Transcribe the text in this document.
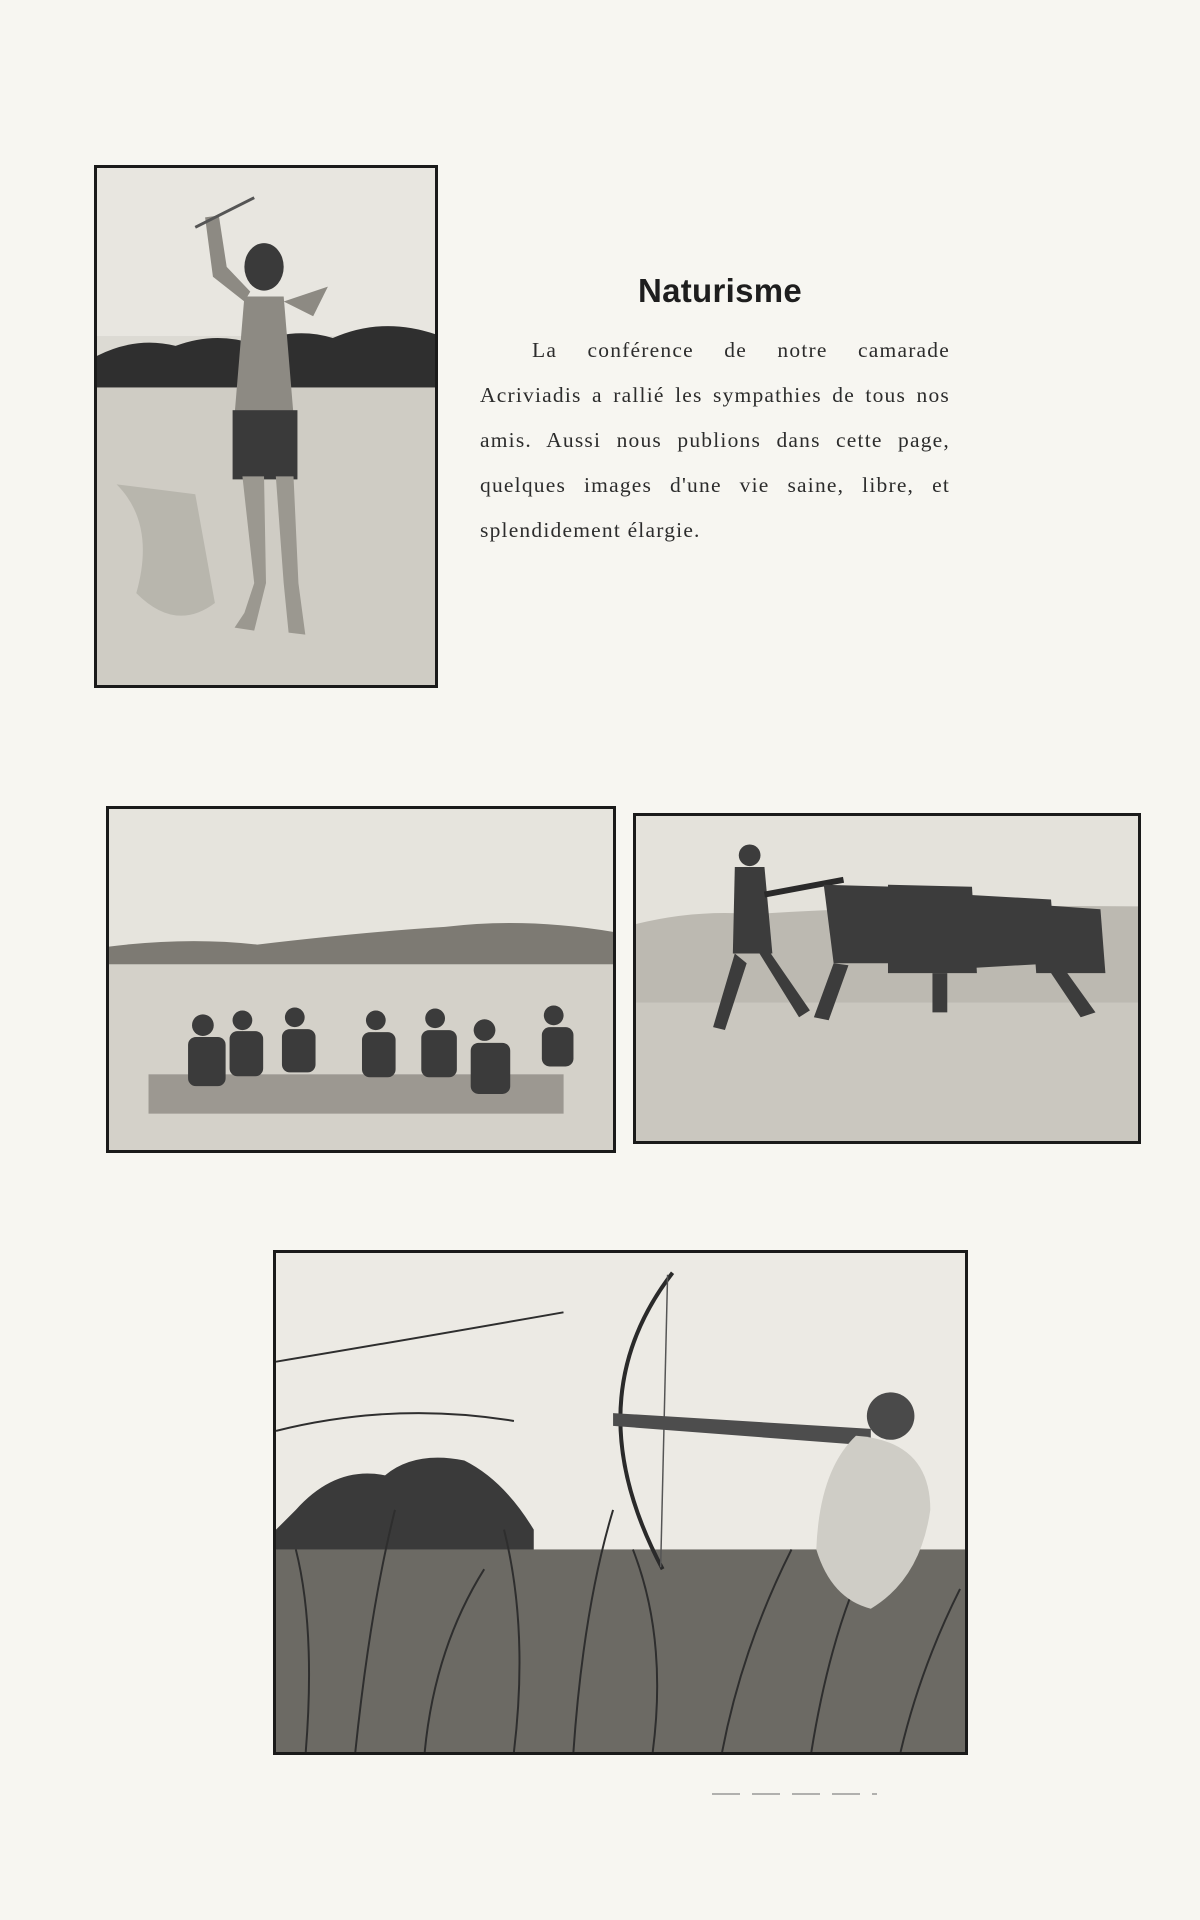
Naturisme
La conférence de notre camarade Acriviadis a rallié les sympathies de tous nos amis. Aussi nous publions dans cette page, quelques images d'une vie saine, libre, et splendidement élargie.
